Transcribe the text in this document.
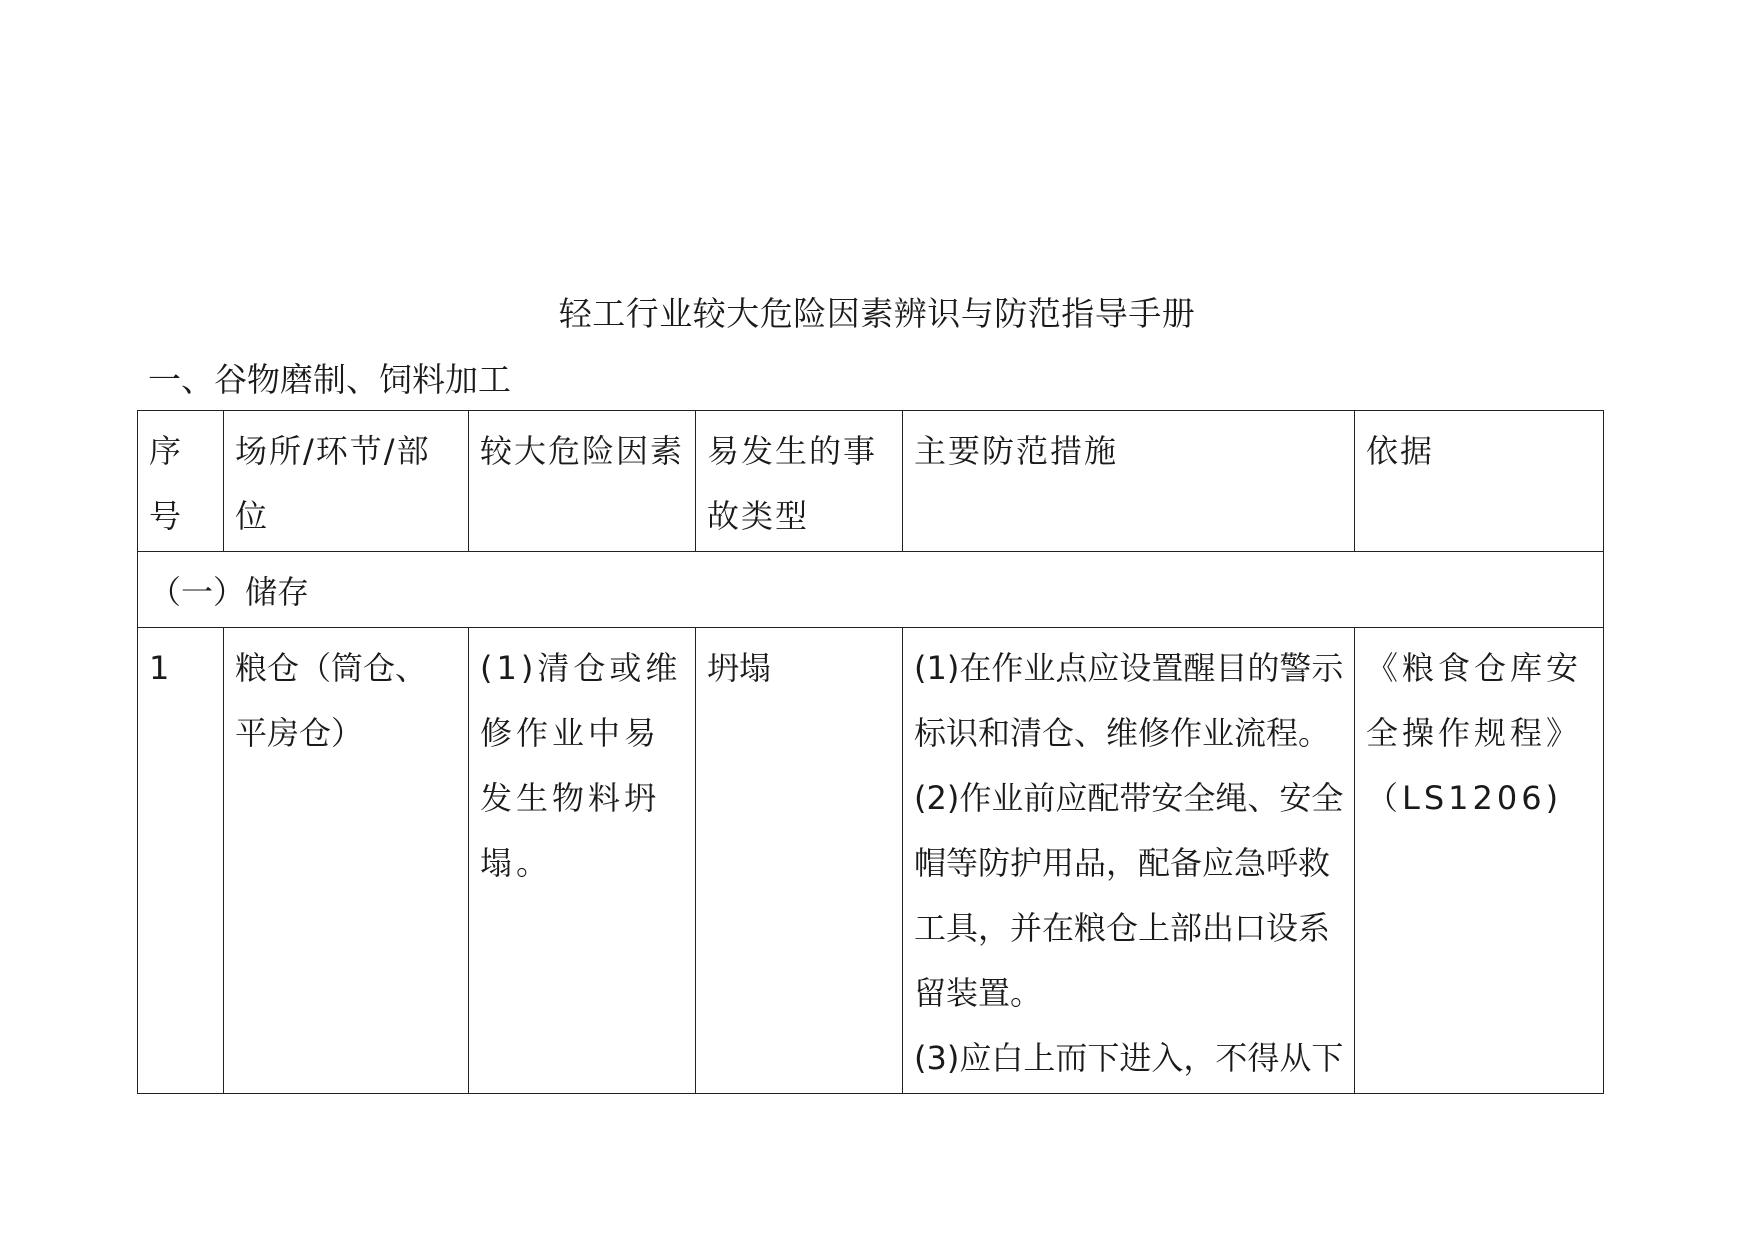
轻工行业较大危险因素辨识与防范指导手册
一、谷物磨制、饲料加工
序号	场所/环节/部位	较大危险因素	易发生的事故类型	主要防范措施	依据
（一）储存					
1	粮仓（筒仓、平房仓）	(1)清仓或维修作业中易发生物料坍塌。	坍塌	(1)在作业点应设置醒目的警示标识和清仓、维修作业流程。
(2)作业前应配带安全绳、安全帽等防护用品，配备应急呼救工具，并在粮仓上部出口设系留装置。
(3)应白上而下进入，不得从下	《粮食仓库安全操作规程》（LS1206)
